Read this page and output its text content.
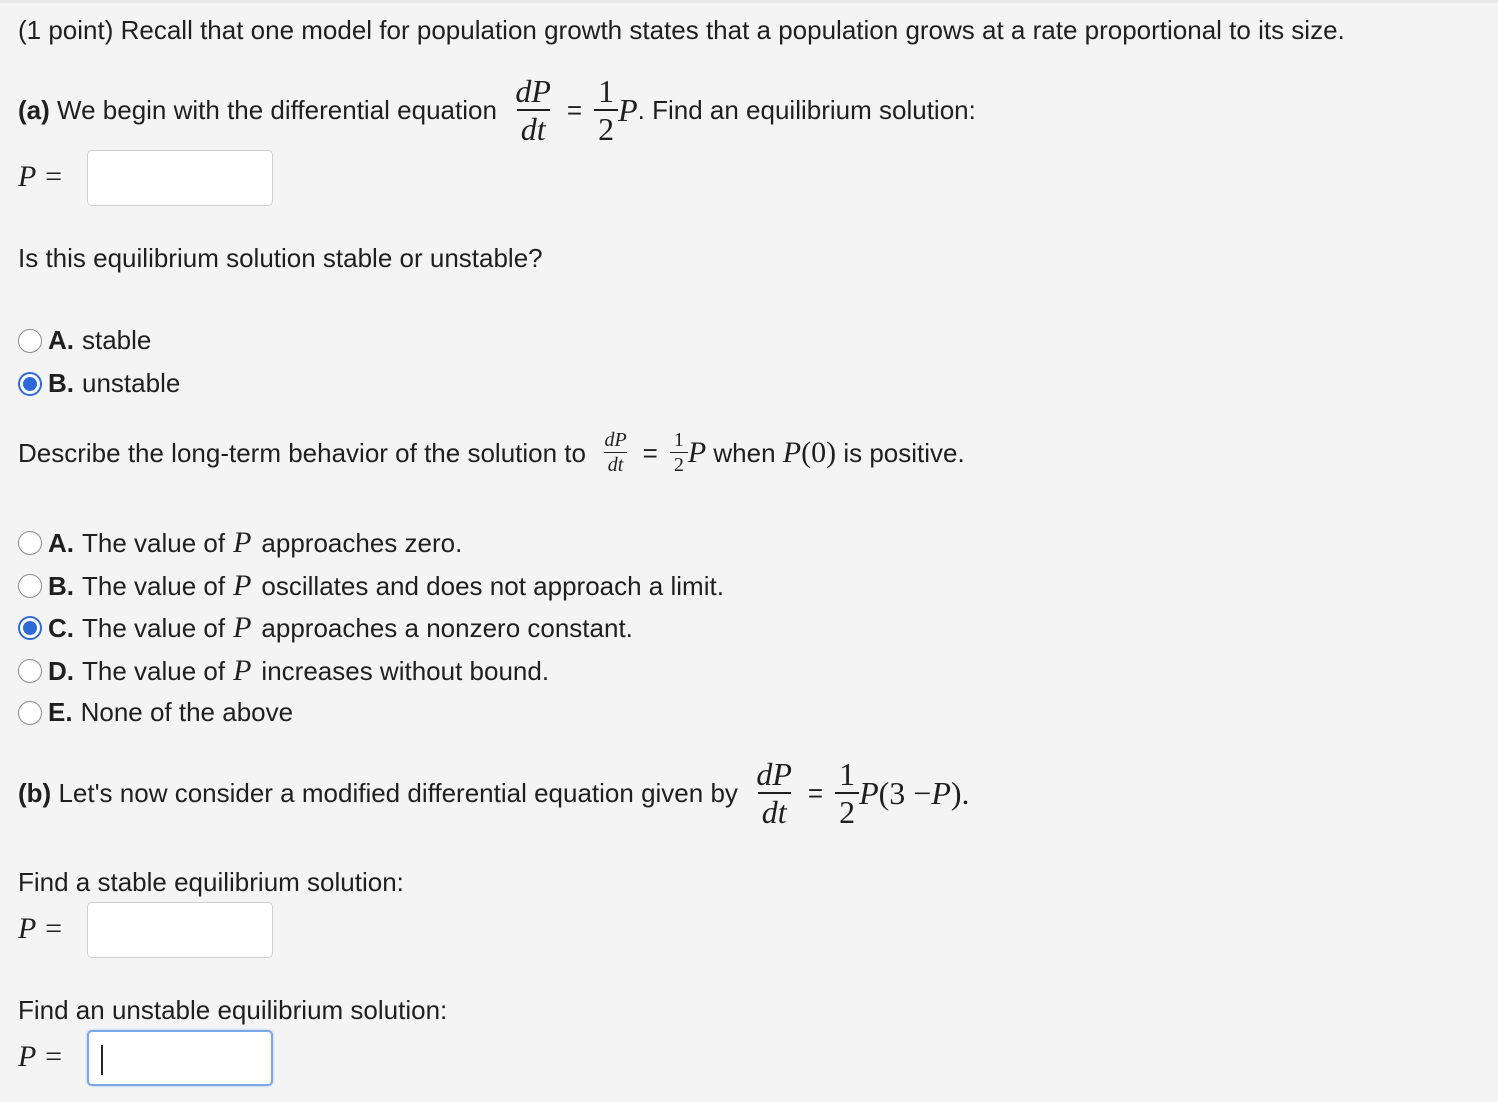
(1 point) Recall that one model for population growth states that a population grows at a rate proportional to its size.
(a)
We begin with the differential equation
$\frac{dP}{dt} = \frac{1}{2}$ P . Find an equilibrium solution:
P =
Is this equilibrium solution stable or unstable?
A. stable
B. unstable
Describe the long-term behavior of the solution to
$\frac{dP}{dt} = \frac{1}{2}$ P
when
P (0)
is positive.
A. The value of P approaches zero.
B. The value of P oscillates and does not approach a limit.
C. The value of P approaches a nonzero constant.
D. The value of P increases without bound.
E. None of the above
(b)
Let's now consider a modified differential equation given by
$\frac{dP}{dt} = \frac{1}{2}$ P (3 − P ).
Find a stable equilibrium solution:
P =
Find an unstable equilibrium solution:
P =
